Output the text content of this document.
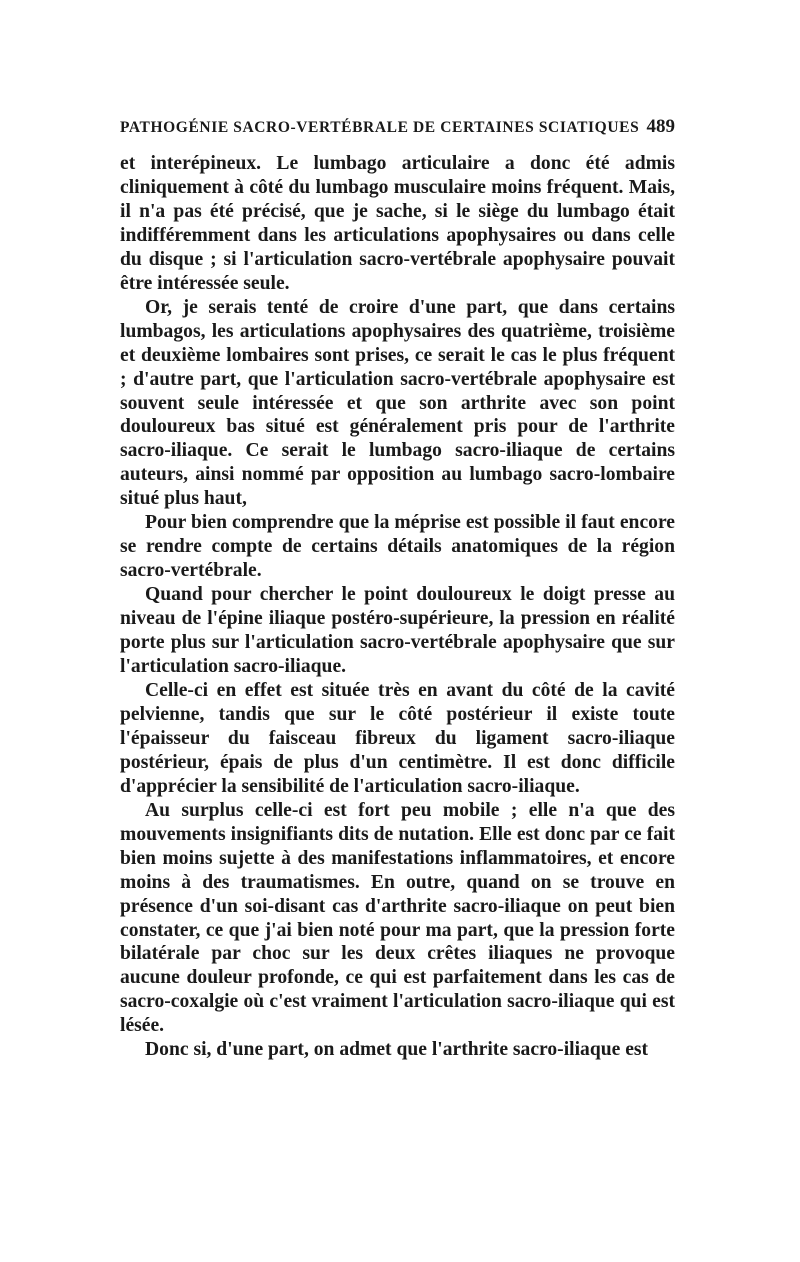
PATHOGÉNIE SACRO-VERTÉBRALE DE CERTAINES SCIATIQUES 489

et interépineux. Le lumbago articulaire a donc été admis cliniquement à côté du lumbago musculaire moins fréquent. Mais, il n'a pas été précisé, que je sache, si le siège du lumbago était indifféremment dans les articulations apophysaires ou dans celle du disque ; si l'articulation sacro-vertébrale apophysaire pouvait être intéressée seule.

Or, je serais tenté de croire d'une part, que dans certains lumbagos, les articulations apophysaires des quatrième, troisième et deuxième lombaires sont prises, ce serait le cas le plus fréquent ; d'autre part, que l'articulation sacro-vertébrale apophysaire est souvent seule intéressée et que son arthrite avec son point douloureux bas situé est généralement pris pour de l'arthrite sacro-iliaque. Ce serait le lumbago sacro-iliaque de certains auteurs, ainsi nommé par opposition au lumbago sacro-lombaire situé plus haut,

Pour bien comprendre que la méprise est possible il faut encore se rendre compte de certains détails anatomiques de la région sacro-vertébrale.

Quand pour chercher le point douloureux le doigt presse au niveau de l'épine iliaque postéro-supérieure, la pression en réalité porte plus sur l'articulation sacro-vertébrale apophysaire que sur l'articulation sacro-iliaque.

Celle-ci en effet est située très en avant du côté de la cavité pelvienne, tandis que sur le côté postérieur il existe toute l'épaisseur du faisceau fibreux du ligament sacro-iliaque postérieur, épais de plus d'un centimètre. Il est donc difficile d'apprécier la sensibilité de l'articulation sacro-iliaque.

Au surplus celle-ci est fort peu mobile ; elle n'a que des mouvements insignifiants dits de nutation. Elle est donc par ce fait bien moins sujette à des manifestations inflammatoires, et encore moins à des traumatismes. En outre, quand on se trouve en présence d'un soi-disant cas d'arthrite sacro-iliaque on peut bien constater, ce que j'ai bien noté pour ma part, que la pression forte bilatérale par choc sur les deux crêtes iliaques ne provoque aucune douleur profonde, ce qui est parfaitement dans les cas de sacro-coxalgie où c'est vraiment l'articulation sacro-iliaque qui est lésée.

Donc si, d'une part, on admet que l'arthrite sacro-iliaque est
